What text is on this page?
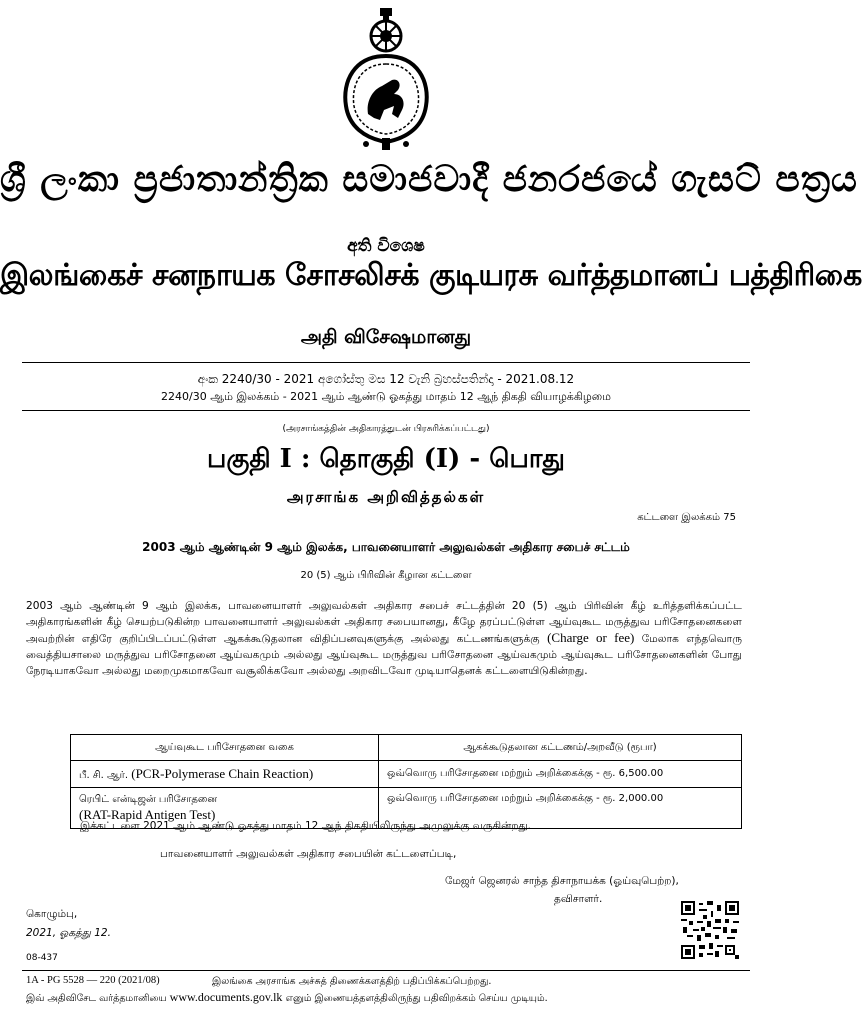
ශ්‍රී ලංකා ප්‍රජාතාන්ත්‍රික සමාජවාදී ජනරජයේ ගැසට් පත්‍රය
අති විශෙෂ
இலங்கைச் சனநாயக சோசலிசக் குடியரசு வர்த்தமானப் பத்திரிகை
அதி விசேஷமானது
අංක 2240/30 - 2021 අගෝස්තු මස 12 වැනි බ්‍රහස්පතින්දා - 2021.08.12
2240/30 ஆம் இலக்கம் - 2021 ஆம் ஆண்டு ஓகத்து மாதம் 12 ஆந் திகதி வியாழக்கிழமை
(அரசாங்கத்தின் அதிகாரத்துடன் பிரசுரிக்கப்பட்டது)
பகுதி I : தொகுதி (I) - பொது
அரசாங்க அறிவித்தல்கள்
கட்டளை இலக்கம் 75
2003 ஆம் ஆண்டின் 9 ஆம் இலக்க, பாவனையாளர் அலுவல்கள் அதிகார சபைச் சட்டம்
20 (5) ஆம் பிரிவின் கீழான கட்டளை
2003 ஆம் ஆண்டின் 9 ஆம் இலக்க, பாவனையாளர் அலுவல்கள் அதிகார சபைச் சட்டத்தின் 20 (5) ஆம் பிரிவின் கீழ் உரித்தளிக்கப்பட்ட அதிகாரங்களின் கீழ் செயற்படுகின்ற பாவனையாளர் அலுவல்கள் அதிகார சபையானது, கீழே தரப்பட்டுள்ள ஆய்வுகூட மருத்துவ பரிசோதனைகளை அவற்றின் எதிரே குறிப்பிடப்பட்டுள்ள ஆகக்கூடுதலான விதிப்பனவுகளுக்கு அல்லது கட்டணங்களுக்கு (Charge or fee) மேலாக எந்தவொரு வைத்தியசாலை மருத்துவ பரிசோதனை ஆய்வகமும் அல்லது ஆய்வுகூட மருத்துவ பரிசோதனை ஆய்வகமும் ஆய்வுகூட பரிசோதனைகளின் போது நேரடியாகவோ அல்லது மறைமுகமாகவோ வசூலிக்கவோ அல்லது அறவிடவோ முடியாதெனக் கட்டளையிடுகின்றது.
ஆய்வுகூட பரிசோதனை வகை	ஆகக்கூடுதலான கட்டணம்/அறவீடு (ரூபா)
பீ. சி. ஆர். (PCR-Polymerase Chain Reaction)	ஒவ்வொரு பரிசோதனை மற்றும் அறிக்கைக்கு - ரூ. 6,500.00
ரெபிட் என்டிஜன் பரிசோதனை
(RAT-Rapid Antigen Test)	ஒவ்வொரு பரிசோதனை மற்றும் அறிக்கைக்கு - ரூ. 2,000.00
இக்கட்டளை 2021 ஆம் ஆண்டு ஓகத்து மாதம் 12 ஆந் திகதியிலிருந்து அமுலுக்கு வருகின்றது.
பாவனையாளர் அலுவல்கள் அதிகார சபையின் கட்டளைப்படி,
மேஜர் ஜெனரல் சாந்த திசாநாயக்க (ஓய்வுபெற்ற),
தவிசாளர்.
கொழும்பு,
2021, ஓகத்து 12.
08-437
1A - PG 5528 — 220 (2021/08)	இலங்கை அரசாங்க அச்சுத் திணைக்களத்திற் பதிப்பிக்கப்பெற்றது.
இவ் அதிவிசேட வர்த்தமானியை www.documents.gov.lk எனும் இணையத்தளத்திலிருந்து பதிவிறக்கம் செய்ய முடியும்.
